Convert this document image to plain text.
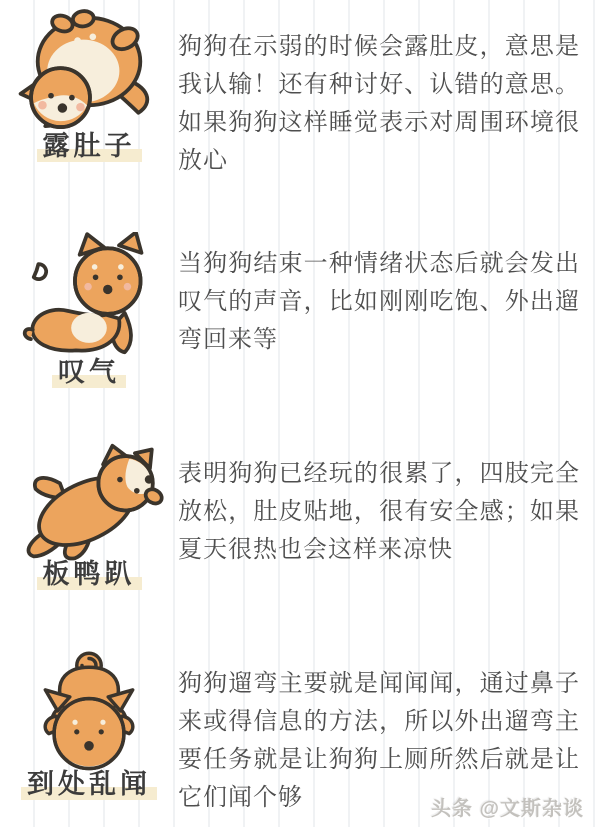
露肚子

狗狗在示弱的时候会露肚皮，意思是我认输！还有种讨好、认错的意思。如果狗狗这样睡觉表示对周围环境很放心

叹气

当狗狗结束一种情绪状态后就会发出叹气的声音，比如刚刚吃饱、外出遛弯回来等

板鸭趴

表明狗狗已经玩的很累了，四肢完全放松，肚皮贴地，很有安全感；如果夏天很热也会这样来凉快

到处乱闻

狗狗遛弯主要就是闻闻闻，通过鼻子来或得信息的方法，所以外出遛弯主要任务就是让狗狗上厕所然后就是让它们闻个够	头条 @文斯杂谈
